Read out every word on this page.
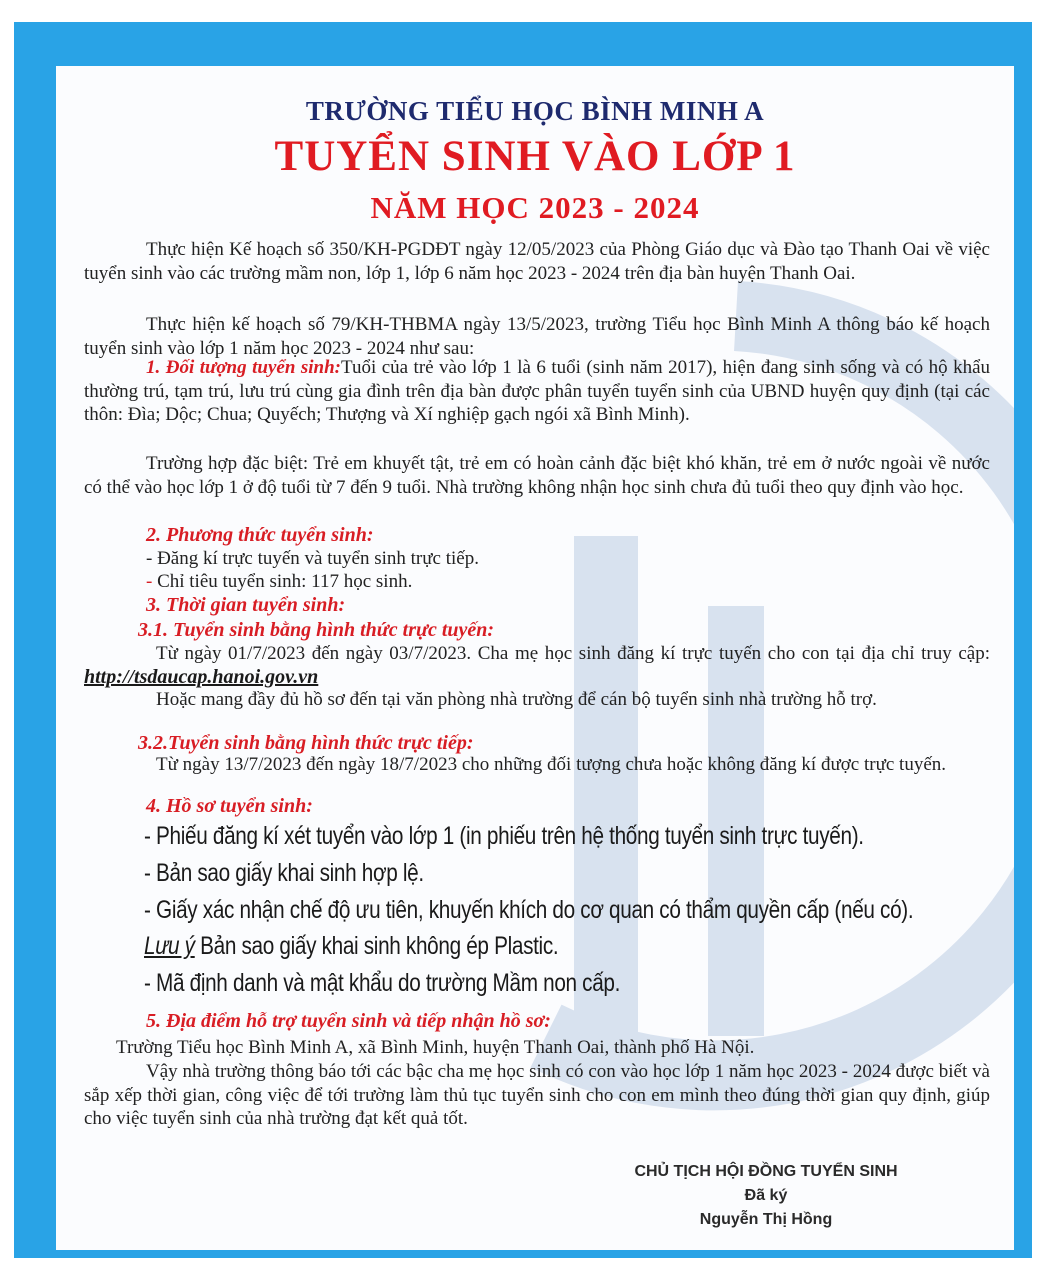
TRƯỜNG TIỂU HỌC BÌNH MINH A
TUYỂN SINH VÀO LỚP 1
NĂM HỌC 2023 - 2024

Thực hiện Kế hoạch số 350/KH-PGDĐT ngày 12/05/2023 của Phòng Giáo dục và Đào tạo Thanh Oai về việc tuyển sinh vào các trường mầm non, lớp 1, lớp 6 năm học 2023 - 2024 trên địa bàn huyện Thanh Oai.

Thực hiện kế hoạch số 79/KH-THBMA ngày 13/5/2023, trường Tiểu học Bình Minh A thông báo kế hoạch tuyển sinh vào lớp 1 năm học 2023 - 2024 như sau:

1. Đối tượng tuyển sinh:Tuổi của trẻ vào lớp 1 là 6 tuổi (sinh năm 2017), hiện đang sinh sống và có hộ khẩu thường trú, tạm trú, lưu trú cùng gia đình trên địa bàn được phân tuyển tuyển sinh của UBND huyện quy định (tại các thôn: Đìa; Dộc; Chua; Quyếch; Thượng và Xí nghiệp gạch ngói xã Bình Minh).

Trường hợp đặc biệt: Trẻ em khuyết tật, trẻ em có hoàn cảnh đặc biệt khó khăn, trẻ em ở nước ngoài về nước có thể vào học lớp 1 ở độ tuổi từ 7 đến 9 tuổi. Nhà trường không nhận học sinh chưa đủ tuổi theo quy định vào học.

2. Phương thức tuyển sinh:
- Đăng kí trực tuyến và tuyển sinh trực tiếp.
- Chỉ tiêu tuyển sinh: 117 học sinh.
3. Thời gian tuyển sinh:
3.1. Tuyển sinh bằng hình thức trực tuyến:

Từ ngày 01/7/2023 đến ngày 03/7/2023. Cha mẹ học sinh đăng kí trực tuyến cho con tại địa chỉ truy cập: http://tsdaucap.hanoi.gov.vn

Hoặc mang đầy đủ hồ sơ đến tại văn phòng nhà trường để cán bộ tuyển sinh nhà trường hỗ trợ.

3.2.Tuyển sinh bằng hình thức trực tiếp:

Từ ngày 13/7/2023 đến ngày 18/7/2023 cho những đối tượng chưa hoặc không đăng kí được trực tuyến.

4. Hồ sơ tuyển sinh:
- Phiếu đăng kí xét tuyển vào lớp 1 (in phiếu trên hệ thống tuyển sinh trực tuyến).
- Bản sao giấy khai sinh hợp lệ.
- Giấy xác nhận chế độ ưu tiên, khuyến khích do cơ quan có thẩm quyền cấp (nếu có).
Lưu ý Bản sao giấy khai sinh không ép Plastic.
- Mã định danh và mật khẩu do trường Mầm non cấp.
5. Địa điểm hỗ trợ tuyển sinh và tiếp nhận hồ sơ:

Trường Tiểu học Bình Minh A, xã Bình Minh, huyện Thanh Oai, thành phố Hà Nội.

Vậy nhà trường thông báo tới các bậc cha mẹ học sinh có con vào học lớp 1 năm học 2023 - 2024 được biết và sắp xếp thời gian, công việc để tới trường làm thủ tục tuyển sinh cho con em mình theo đúng thời gian quy định, giúp cho việc tuyển sinh của nhà trường đạt kết quả tốt.

CHỦ TỊCH HỘI ĐỒNG TUYỂN SINH
Đã ký
Nguyễn Thị Hồng
